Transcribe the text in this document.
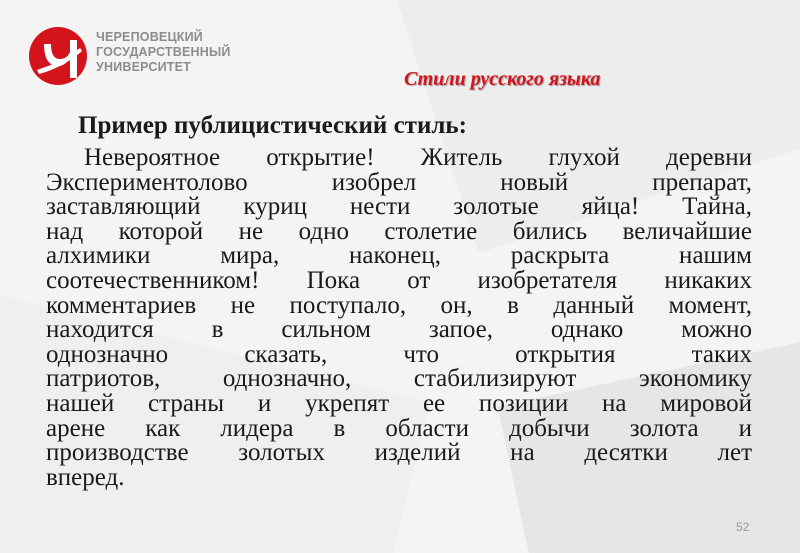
ЧЕРЕПОВЕЦКИЙ
ГОСУДАРСТВЕННЫЙ
УНИВЕРСИТЕТ
Стили русского языка
Пример публицистический стиль:
Невероятное открытие! Житель глухой деревни
Экспериментолово изобрел новый препарат,
заставляющий куриц нести золотые яйца! Тайна,
над которой не одно столетие бились величайшие
алхимики мира, наконец, раскрыта нашим
соотечественником! Пока от изобретателя никаких
комментариев не поступало, он, в данный момент,
находится в сильном запое, однако можно
однозначно сказать, что открытия таких
патриотов, однозначно, стабилизируют экономику
нашей страны и укрепят ее позиции на мировой
арене как лидера в области добычи золота и
производстве золотых изделий на десятки лет
вперед.
52
